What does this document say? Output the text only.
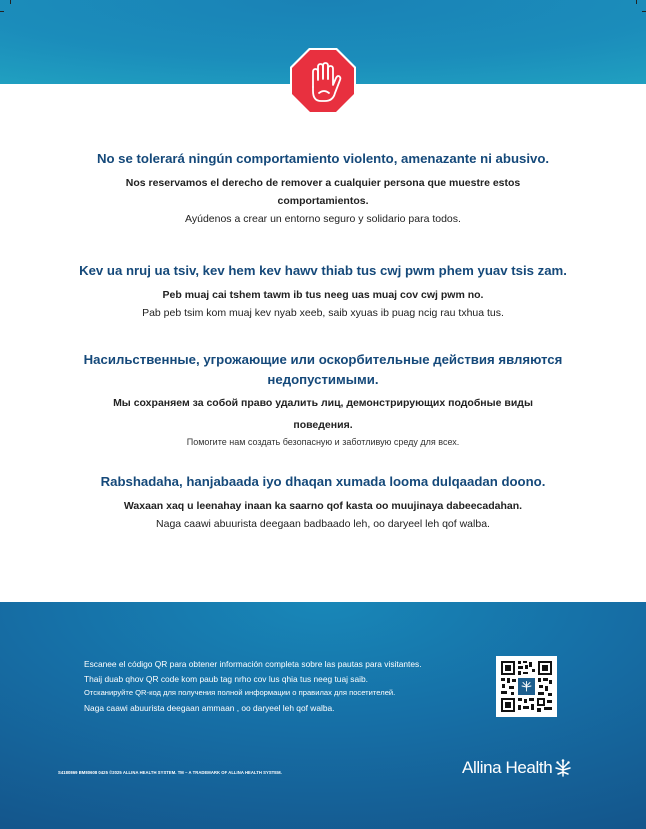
No se tolerará ningún comportamiento violento, amenazante ni abusivo.

Nos reservamos el derecho de remover a cualquier persona que muestre estos

comportamientos.

Ayúdenos a crear un entorno seguro y solidario para todos.

Kev ua nruj ua tsiv, kev hem kev hawv thiab tus cwj pwm phem yuav tsis zam.

Peb muaj cai tshem tawm ib tus neeg uas muaj cov cwj pwm no.

Pab peb tsim kom muaj kev nyab xeeb, saib xyuas ib puag ncig rau txhua tus.

Насильственные, угрожающие или оскорбительные действия являются
недопустимыми.

Мы сохраняем за собой право удалить лиц, демонстрирующих подобные виды

поведения.

Помогите нам создать безопасную и заботливую среду для всех.

Rabshadaha, hanjabaada iyo dhaqan xumada looma dulqaadan doono.

Waxaan xaq u leenahay inaan ka saarno qof kasta oo muujinaya dabeecadahan.

Naga caawi abuurista deegaan badbaado leh, oo daryeel leh qof walba.

Escanee el código QR para obtener información completa sobre las pautas para visitantes.

Thaij duab qhov QR code kom paub tag nrho cov lus qhia tus neeg tuaj saib.

Отсканируйте QR-код для получения полной информации о правилах для посетителей.

Naga caawi abuurista deegaan ammaan , oo daryeel leh qof walba.

S4180869 BM80608 0425 ©2025 ALLINA HEALTH SYSTEM. TM – A TRADEMARK OF ALLINA HEALTH SYSTEM.	Allina Health
